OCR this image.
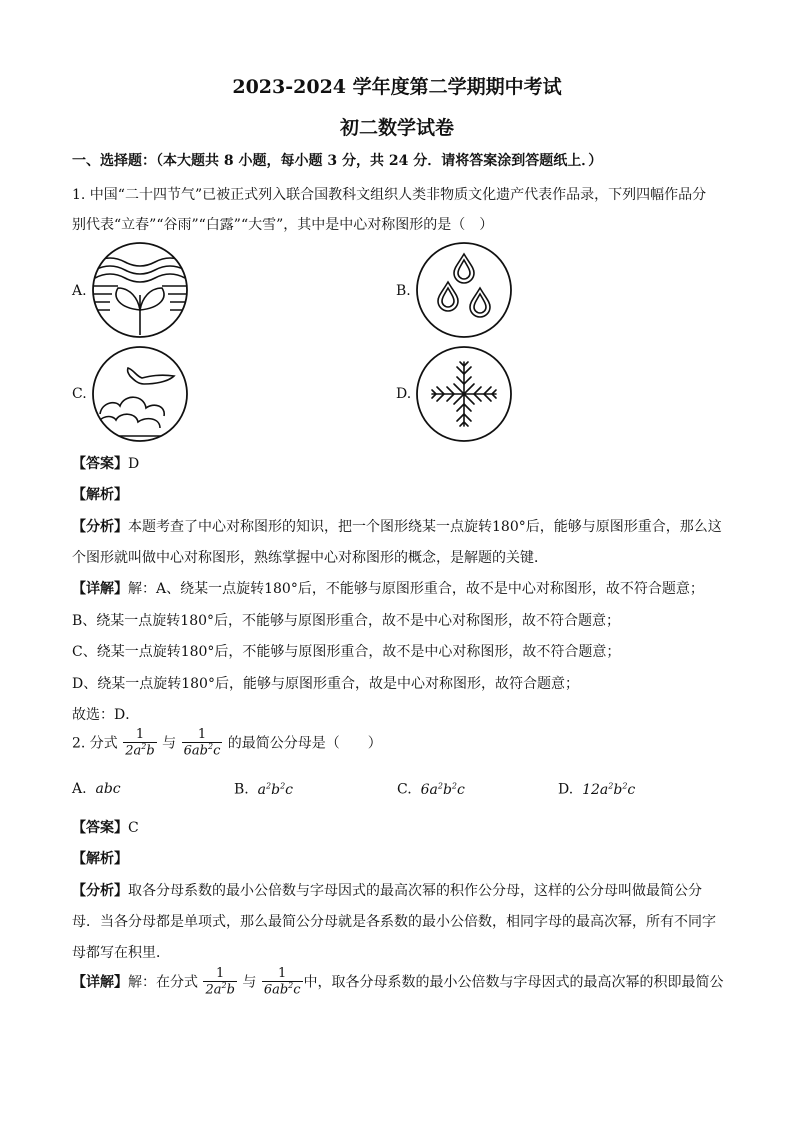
2023-2024 学年度第二学期期中考试
初二数学试卷
一、选择题：（本大题共 8 小题，每小题 3 分，共 24 分．请将答案涂到答题纸上．）
1. 中国“二十四节气”已被正式列入联合国教科文组织人类非物质文化遗产代表作品录，下列四幅作品分
别代表“立春”“谷雨”“白露”“大雪”，其中是中心对称图形的是（　）
A.	B.
C.	D.
【答案】D
【解析】
【分析】本题考查了中心对称图形的知识，把一个图形绕某一点旋转180°后，能够与原图形重合，那么这
个图形就叫做中心对称图形，熟练掌握中心对称图形的概念，是解题的关键．
【详解】解：A、绕某一点旋转180°后，不能够与原图形重合，故不是中心对称图形，故不符合题意；
B、绕某一点旋转180°后，不能够与原图形重合，故不是中心对称图形，故不符合题意；
C、绕某一点旋转180°后，不能够与原图形重合，故不是中心对称图形，故不符合题意；
D、绕某一点旋转180°后，能够与原图形重合，故是中心对称图形，故符合题意；
故选：D．
2. 分式 $\frac{1}{2a^2b}$ 与 $\frac{1}{6ab^2c}$ 的最简公分母是（　　）
A. abc	B. $a^2b^2c$	C. $6a^2b^2c$	D. $12a^2b^2c$
【答案】C
【解析】
【分析】取各分母系数的最小公倍数与字母因式的最高次幂的积作公分母，这样的公分母叫做最简公分
母．当各分母都是单项式，那么最简公分母就是各系数的最小公倍数，相同字母的最高次幂，所有不同字
母都写在积里．
【详解】解：在分式 $\frac{1}{2a^2b}$ 与 $\frac{1}{6ab^2c}$ 中，取各分母系数的最小公倍数与字母因式的最高次幂的积即最简公
